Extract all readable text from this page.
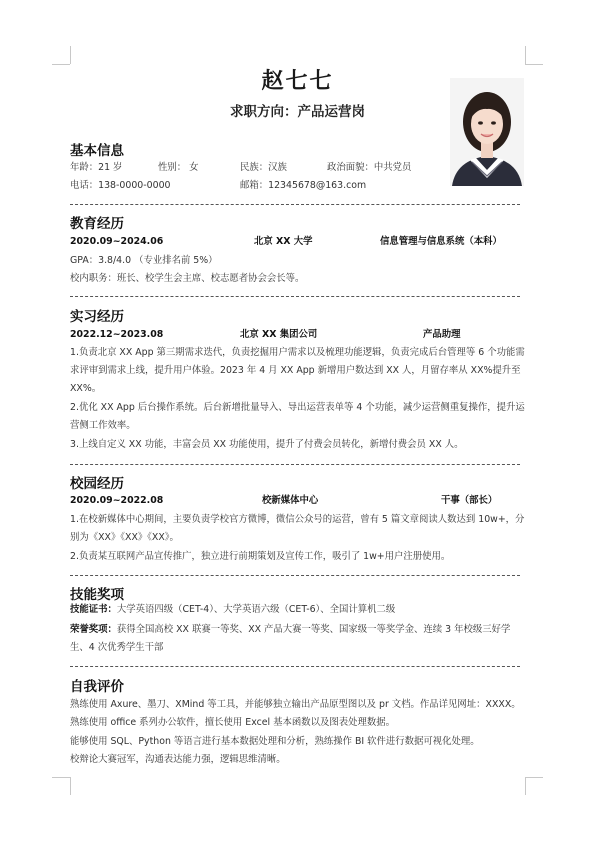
赵七七
求职方向：产品运营岗
基本信息
年龄：21 岁	性别： 女	民族：汉族	政治面貌：中共党员
电话：138-0000-0000	邮箱：12345678@163.com
教育经历
2020.09~2024.06	北京 XX 大学	信息管理与信息系统（本科）
GPA：3.8/4.0 （专业排名前 5%）
校内职务：班长、校学生会主席、校志愿者协会会长等。
实习经历
2022.12~2023.08	北京 XX 集团公司	产品助理
1.负责北京 XX App 第三期需求迭代，负责挖掘用户需求以及梳理功能逻辑，负责完成后台管理等 6 个功能需求评审到需求上线，提升用户体验。2023 年 4 月 XX App 新增用户数达到 XX 人，月留存率从 XX%提升至 XX%。
2.优化 XX App 后台操作系统。后台新增批量导入、导出运营表单等 4 个功能，减少运营侧重复操作，提升运营侧工作效率。
3.上线自定义 XX 功能，丰富会员 XX 功能使用，提升了付费会员转化，新增付费会员 XX 人。
校园经历
2020.09~2022.08	校新媒体中心	干事（部长）
1.在校新媒体中心期间，主要负责学校官方微博，微信公众号的运营，曾有 5 篇文章阅读人数达到 10w+，分别为《XX》《XX》《XX》。
2.负责某互联网产品宣传推广，独立进行前期策划及宣传工作，吸引了 1w+用户注册使用。
技能奖项
技能证书：大学英语四级（CET-4）、大学英语六级（CET-6）、全国计算机二级
荣誉奖项：获得全国高校 XX 联赛一等奖、XX 产品大赛一等奖、国家级一等奖学金、连续 3 年校级三好学生、4 次优秀学生干部
自我评价
熟练使用 Axure、墨刀、XMind 等工具，并能够独立输出产品原型图以及 pr 文档。作品详见网址：XXXX。
熟练使用 office 系列办公软件，擅长使用 Excel 基本函数以及图表处理数据。
能够使用 SQL、Python 等语言进行基本数据处理和分析，熟练操作 BI 软件进行数据可视化处理。
校辩论大赛冠军，沟通表达能力强，逻辑思维清晰。
